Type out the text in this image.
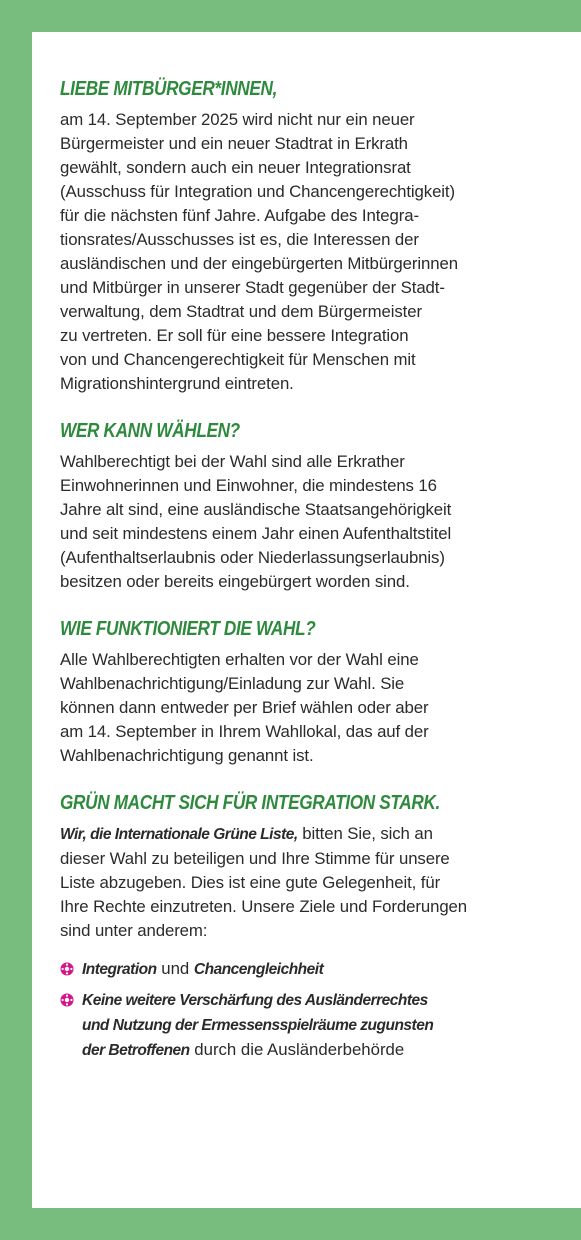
LIEBE MITBÜRGER*INNEN,
am 14. September 2025 wird nicht nur ein neuer
Bürgermeister und ein neuer Stadtrat in Erkrath
gewählt, sondern auch ein neuer Integrationsrat
(Ausschuss für Integration und Chancengerechtigkeit)
für die nächsten fünf Jahre. Aufgabe des Integra-
tionsrates/Ausschusses ist es, die Interessen der
ausländischen und der eingebürgerten Mitbürgerinnen
und Mitbürger in unserer Stadt gegenüber der Stadt-
verwaltung, dem Stadtrat und dem Bürgermeister
zu vertreten. Er soll für eine bessere Integration
von und Chancengerechtigkeit für Menschen mit
Migrationshintergrund eintreten.
WER KANN WÄHLEN?
Wahlberechtigt bei der Wahl sind alle Erkrather
Einwohnerinnen und Einwohner, die mindestens 16
Jahre alt sind, eine ausländische Staatsangehörigkeit
und seit mindestens einem Jahr einen Aufenthaltstitel
(Aufenthaltserlaubnis oder Niederlassungserlaubnis)
besitzen oder bereits eingebürgert worden sind.
WIE FUNKTIONIERT DIE WAHL?
Alle Wahlberechtigten erhalten vor der Wahl eine
Wahlbenachrichtigung/Einladung zur Wahl. Sie
können dann entweder per Brief wählen oder aber
am 14. September in Ihrem Wahllokal, das auf der
Wahlbenachrichtigung genannt ist.
GRÜN MACHT SICH FÜR INTEGRATION STARK.
Wir, die Internationale Grüne Liste, bitten Sie, sich an
dieser Wahl zu beteiligen und Ihre Stimme für unsere
Liste abzugeben. Dies ist eine gute Gelegenheit, für
Ihre Rechte einzutreten. Unsere Ziele und Forderungen
sind unter anderem:
Integration und Chancengleichheit
Keine weitere Verschärfung des Ausländerrechtes
und Nutzung der Ermessensspielräume zugunsten
der Betroffenen durch die Ausländerbehörde
